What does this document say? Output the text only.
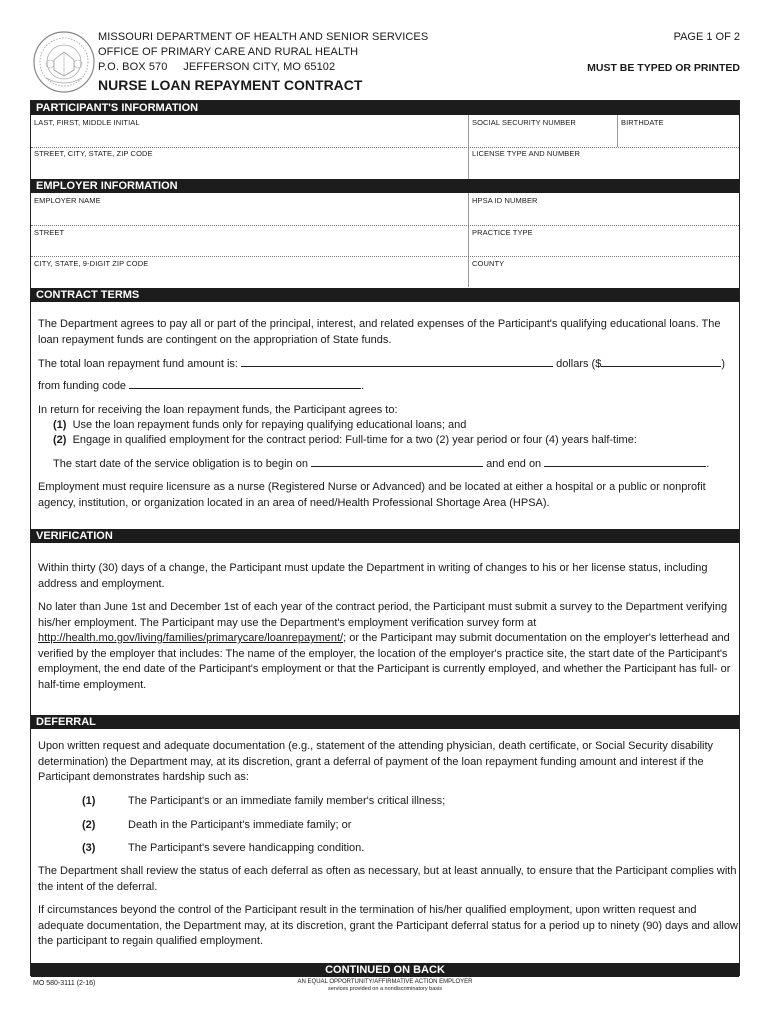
MISSOURI DEPARTMENT OF HEALTH AND SENIOR SERVICES
OFFICE OF PRIMARY CARE AND RURAL HEALTH
P.O. BOX 570     JEFFERSON CITY, MO 65102
PAGE 1 OF 2
MUST BE TYPED OR PRINTED
NURSE LOAN REPAYMENT CONTRACT
PARTICIPANT'S INFORMATION
LAST, FIRST, MIDDLE INITIAL	SOCIAL SECURITY NUMBER	BIRTHDATE
STREET, CITY, STATE, ZIP CODE	LICENSE TYPE AND NUMBER
EMPLOYER INFORMATION
EMPLOYER NAME	HPSA ID NUMBER
STREET	PRACTICE TYPE
CITY, STATE, 9-DIGIT ZIP CODE	COUNTY
CONTRACT TERMS
The Department agrees to pay all or part of the principal, interest, and related expenses of the Participant's qualifying educational loans. The loan repayment funds are contingent on the appropriation of State funds.
The total loan repayment fund amount is:	dollars ($	)
from funding code	.
In return for receiving the loan repayment funds, the Participant agrees to:
(1) Use the loan repayment funds only for repaying qualifying educational loans; and
(2) Engage in qualified employment for the contract period: Full-time for a two (2) year period or four (4) years half-time:
The start date of the service obligation is to begin on	and end on	.
Employment must require licensure as a nurse (Registered Nurse or Advanced) and be located at either a hospital or a public or nonprofit agency, institution, or organization located in an area of need/Health Professional Shortage Area (HPSA).
VERIFICATION
Within thirty (30) days of a change, the Participant must update the Department in writing of changes to his or her license status, including address and employment.
No later than June 1st and December 1st of each year of the contract period, the Participant must submit a survey to the Department verifying his/her employment. The Participant may use the Department's employment verification survey form at http://health.mo.gov/living/families/primarycare/loanrepayment/; or the Participant may submit documentation on the employer's letterhead and verified by the employer that includes: The name of the employer, the location of the employer's practice site, the start date of the Participant's employment, the end date of the Participant's employment or that the Participant is currently employed, and whether the Participant has full- or half-time employment.
DEFERRAL
Upon written request and adequate documentation (e.g., statement of the attending physician, death certificate, or Social Security disability determination) the Department may, at its discretion, grant a deferral of payment of the loan repayment funding amount and interest if the Participant demonstrates hardship such as:
(1)	The Participant's or an immediate family member's critical illness;
(2)	Death in the Participant's immediate family; or
(3)	The Participant's severe handicapping condition.
The Department shall review the status of each deferral as often as necessary, but at least annually, to ensure that the Participant complies with the intent of the deferral.
If circumstances beyond the control of the Participant result in the termination of his/her qualified employment, upon written request and adequate documentation, the Department may, at its discretion, grant the Participant deferral status for a period up to ninety (90) days and allow the participant to regain qualified employment.
CONTINUED ON BACK
MO 580-3111 (2-16)	AN EQUAL OPPORTUNITY/AFFIRMATIVE ACTION EMPLOYER
services provided on a nondiscriminatory basis
